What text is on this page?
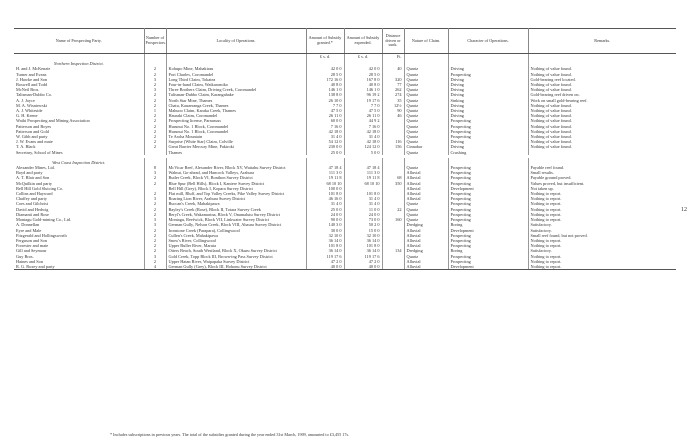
Name of Prospecting Party.	Number of Prospectors.	Locality of Operations.	Amount of Subsidy granted.*	Amount of Subsidy expended.	Distance driven or sunk.	Nature of Claim.	Character of Operations.	Remarks.
			£ s. d.	£ s. d.	Ft.			
Northern Inspection District.								
H. and J. McKenzie	2	Kohupo Mine, Mahakirau	42 0 0	42 0 0	40	Quartz	Driving	Nothing of value found.
Turner and Evans	2	Port Charles, Coromandel	28 5 0	28 5 0		Quartz	Prospecting	Nothing of value found.
J. Hawke and Son	3	Long Third Claim, Tokatea	172 16 0	167 8 0	320	Quartz	Driving	Gold-bearing reef located.
Boswell and Todd	2	Four-in-hand Claim, Waikaromiko	40 8 0	40 8 0	77	Quartz	Driving	Nothing of value found.
McNeil Bros.	3	Three Brothers Claim, Driving Creek, Coromandel	146 1 0	146 1 0	262	Quartz	Driving	Nothing of value found.
Talisman-Dubbo Co.	2	Talisman-Dubbo Claim, Karangahake	138 8 0	96 19 2	274	Quartz	Driving	Gold-bearing reef driven on.
A. J. Joyce	2	North Star Mine, Thames	26 10 0	19 17 6	35	Quartz	Sinking	Work on small gold-bearing reef.
M. A. Wisniewski	2	Chatu, Kauaeranga Creek, Thames	7 7 0	7 7 0	12½	Quartz	Driving	Nothing of value found.
A. J. Whiteside	1	Mahuoo Claim, Karaka Creek, Thames	47 5 0	47 5 0	90	Quartz	Driving	Nothing of value found.
G. H. Keene	2	Hauraki Claim, Coromandel	26 11 0	26 11 0	46	Quartz	Driving	Nothing of value found.
Waihi Prospecting and Mining Association	2	Prospecting license, Parnassus	60 0 0	44 9 2		Quartz	Prospecting	Nothing of value found.
Patterson and Boyes	2	Hurunui No. 1 Block, Coromandel	7 16 0	7 16 0		Quartz	Prospecting	Nothing of value found.
Patterson and Gold	2	Hurunui No. 1 Block, Coromandel	42 18 0	42 18 0		Quartz	Prospecting	Nothing of value found.
W. Gibb and party	2	Te Aroha Mountain	31 4 0	31 4 0		Quartz	Prospecting	Nothing of value found.
J. W. Evans and mate	2	Surprise (White Star) Claim, Colville	54 12 0	42 18 0	116	Quartz	Driving	Nothing of value found.
T. A. Black	2	Great Barrier Mercury Mine, Pakiroki	230 0 0	124 12 0	156	Cinnabar	Driving	Nothing of value found.
Secretary, School of Mines		Thames	25 0 0	5 0 0		Quartz	Crushing	

West Coast Inspection District.								
Alexander Mines, Ltd.	8	McVicar Reef, Alexander River, Block XV, Waitahu Survey District	47 18 4	47 18 4		Quartz	Prospecting	Payable reef found.
Boyd and party	3	Walnut, Go-ahead, and Hancock Valleys, Arahura	111 3 0	111 3 0		Alluvial	Prospecting	Small results.
A. T. Blair and Son	2	Butler Creek, Block VI, Bonthon Survey District	19 11 8	19 11 8	68	Alluvial	Prospecting	Payable ground proved.
McQuilkin and party	2	Blue Spur (Bell Hills), Block I, Kaniere Survey District	68 10 10	68 10 10	350	Alluvial	Prospecting	Values proved, but insufficient.
Bell Hill Gold Sluicing Co.		Bell Hill (Grey), Block I, Kopara Survey District	100 0 0			Alluvial	Development	Not taken up.
Collins and Hayward	2	Flat mill, Bluff, and Top Valley Creeks, Pike Valley Survey District	101 8 0	101 8 0		Alluvial	Prospecting	Nothing to report.
Chaffey and party	3	Roaring Lion River, Arahura Survey District	46 16 0	31 4 0		Alluvial	Prospecting	Nothing to report.
Coes and Gilchrist	2	Buccan's Creek, Mahakipawa	31 4 0	31 4 0		Quartz	Prospecting	Nothing to report.
David and Hedwig	2	Bayley's Creek (Rose), Block II, Totara Survey Creek	25 0 0	11 0 0	22	Quartz	Prospecting	Nothing to report.
Diamanti and Rose	2	Beryl's Creek, Wakamarina, Block V, Onamalutu Survey District	24 0 0	24 0 0		Quartz	Prospecting	Nothing to report.
Montagu Gold-mining Co., Ltd.	3	Montagu, Reefwick, Block VII, Linkwater Survey District	90 0 0	73 0 0	160	Quartz	Prospecting	Nothing to report.
A. Donnellan	3	German Gully, Nelson Creek, Block VIII, Ahaura Survey District	140 3 0	50 2 0		Dredging	Boring	Satisfactory.
Eyre and Male	2	Ironstone Creek (Parapara), Collingwood	30 0 0	15 0 0		Alluvial	Development	Satisfactory.
Fitzgerald and Hollingsworth	2	Cullen's Creek, Mahakipawa	32 10 0	32 10 0		Alluvial	Prospecting	Small reef found, but not proved.
Ferguson and Son	2	Snow's River, Collingwood	36 14 0	36 14 0		Alluvial	Prospecting	Nothing to report.
Forrester and mate	2	Upper Buller River, Maruia	101 8 0	101 8 0		Alluvial	Prospecting	Nothing to report.
Gill and Seymour	2	Otters Beach, South Westland, Block X, Okuru Survey District	36 14 0	36 14 0	134	Dredging	Boring	Satisfactory.
Guy Bros.	3	Gold Creek, Topp Block III, Brown-ing Pass Survey District	119 17 6	119 17 6		Quartz	Prospecting	Nothing to report.
Haines and Son	2	Upper Hatan River, Waipapaka Survey District	47 2 0	47 2 0		Alluvial	Prospecting	Nothing to report.
R. G. Roxey and party	4	German Gully (Grey), Block III, Hohonu Survey District	40 0 0	40 0 0		Alluvial	Development	Nothing to report.
12
* Includes subscriptions in previous years. The total of the subsidies granted during the year ended 31st March, 1909, amounted to £3,455 17s.
